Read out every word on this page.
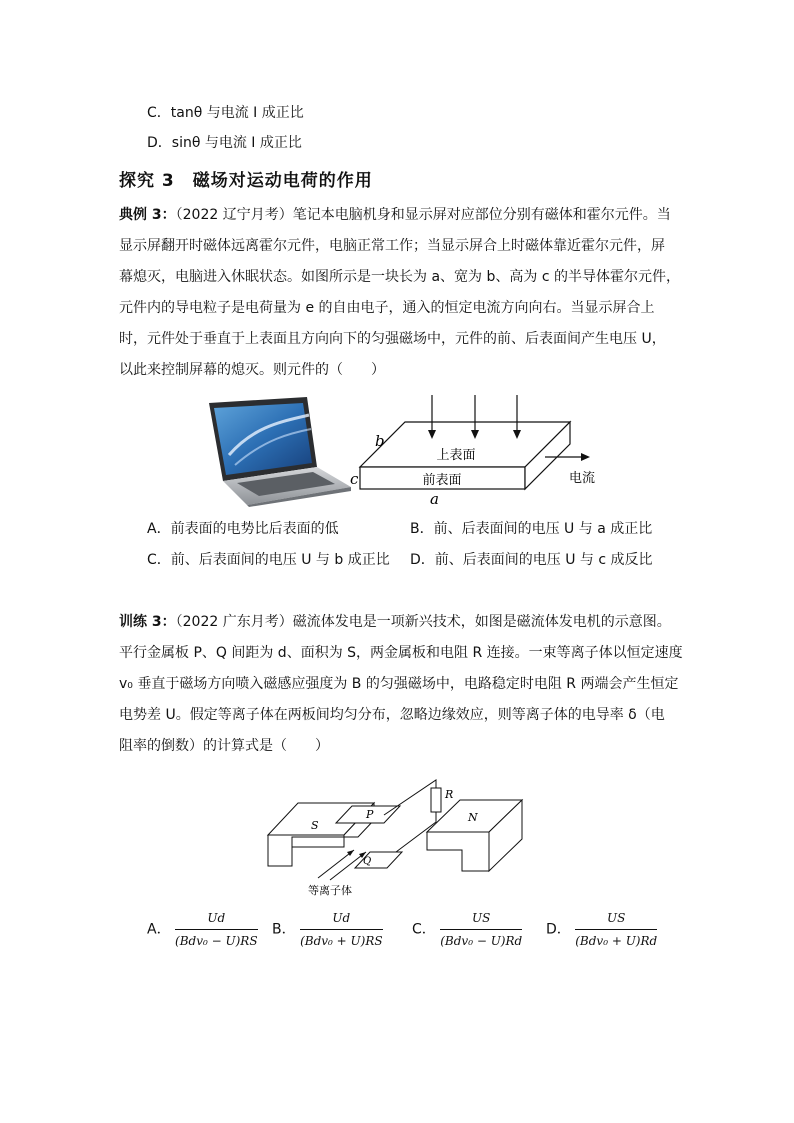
C．tanθ 与电流 I 成正比
D．sinθ 与电流 I 成正比
探究 3　磁场对运动电荷的作用
典例 3：（2022 辽宁月考）笔记本电脑机身和显示屏对应部位分别有磁体和霍尔元件。当
显示屏翻开时磁体远离霍尔元件，电脑正常工作；当显示屏合上时磁体靠近霍尔元件，屏
幕熄灭，电脑进入休眠状态。如图所示是一块长为 a、宽为 b、高为 c 的半导体霍尔元件，
元件内的导电粒子是电荷量为 e 的自由电子，通入的恒定电流方向向右。当显示屏合上
时，元件处于垂直于上表面且方向向下的匀强磁场中，元件的前、后表面间产生电压 U，
以此来控制屏幕的熄灭。则元件的（　　）
上表面
前表面	电流
b
c
a
A．前表面的电势比后表面的低	B．前、后表面间的电压 U 与 a 成正比
C．前、后表面间的电压 U 与 b 成正比 D．前、后表面间的电压 U 与 c 成反比
训练 3：（2022 广东月考）磁流体发电是一项新兴技术，如图是磁流体发电机的示意图。
平行金属板 P、Q 间距为 d、面积为 S，两金属板和电阻 R 连接。一束等离子体以恒定速度
v₀ 垂直于磁场方向喷入磁感应强度为 B 的匀强磁场中，电路稳定时电阻 R 两端会产生恒定
电势差 U。假定等离子体在两板间均匀分布，忽略边缘效应，则等离子体的电导率 δ（电
阻率的倒数）的计算式是（　　）
S
P
R
N
Q
等离子体
A． $\frac{Ud}{\text{(Bdv₀ − U)RS}}$ B． $\frac{Ud}{\text{(Bdv₀ + U)RS}}$ C． $\frac{US}{\text{(Bdv₀ − U)Rd}}$ D． $\frac{US}{\text{(Bdv₀ + U)Rd}}$
